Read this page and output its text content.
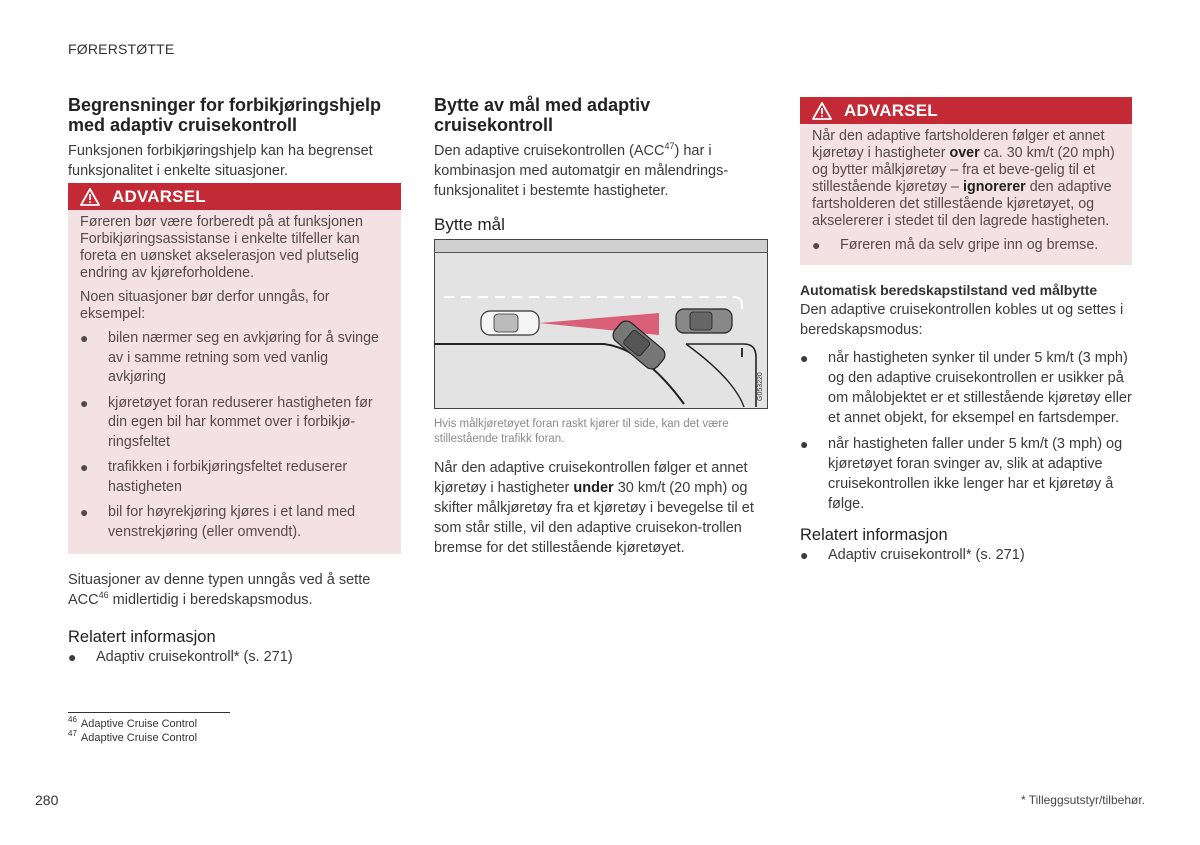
FØRERSTØTTE
Begrensninger for forbikjøringshjelp med adaptiv cruisekontroll

Funksjonen forbikjøringshjelp kan ha begrenset funksjonalitet i enkelte situasjoner.

ADVARSEL

Føreren bør være forberedt på at funksjonen Forbikjøringsassistanse i enkelte tilfeller kan foreta en uønsket akselerasjon ved plutselig endring av kjøreforholdene.

Noen situasjoner bør derfor unngås, for eksempel:

● bilen nærmer seg en avkjøring for å svinge av i samme retning som ved vanlig avkjøring
● kjøretøyet foran reduserer hastigheten før din egen bil har kommet over i forbikjø-ringsfeltet
● trafikken i forbikjøringsfeltet reduserer hastigheten
● bil for høyrekjøring kjøres i et land med venstrekjøring (eller omvendt).

Situasjoner av denne typen unngås ved å sette ACC$^{46}$ midlertidig i beredskapsmodus.

Relatert informasjon
● Adaptiv cruisekontroll* (s. 271)
Bytte av mål med adaptiv cruisekontroll

Den adaptive cruisekontrollen (ACC$^{47}$) har i kombinasjon med automatgir en målendrings-funksjonalitet i bestemte hastigheter.

Bytte mål
G053220

Hvis målkjøretøyet foran raskt kjører til side, kan det være stillestående trafikk foran.

Når den adaptive cruisekontrollen følger et annet kjøretøy i hastigheter under 30 km/t (20 mph) og skifter målkjøretøy fra et kjøretøy i bevegelse til et som står stille, vil den adaptive cruisekon-trollen bremse for det stillestående kjøretøyet.

ADVARSEL

Når den adaptive fartsholderen følger et annet kjøretøy i hastigheter over ca. 30 km/t (20 mph) og bytter målkjøretøy – fra et beve-gelig til et stillestående kjøretøy – ignorerer den adaptive fartsholderen det stillestående kjøretøyet, og akselererer i stedet til den lagrede hastigheten.

● Føreren må da selv gripe inn og bremse.
Automatisk beredskapstilstand ved målbytte

Den adaptive cruisekontrollen kobles ut og settes i beredskapsmodus:

● når hastigheten synker til under 5 km/t (3 mph) og den adaptive cruisekontrollen er usikker på om målobjektet er et stillestående kjøretøy eller et annet objekt, for eksempel en fartsdemper.
● når hastigheten faller under 5 km/t (3 mph) og kjøretøyet foran svinger av, slik at adaptive cruisekontrollen ikke lenger har et kjøretøy å følge.
Relatert informasjon
● Adaptiv cruisekontroll* (s. 271)
$^{46}$ Adaptive Cruise Control
$^{47}$ Adaptive Cruise Control
280	* Tilleggsutstyr/tilbehør.
